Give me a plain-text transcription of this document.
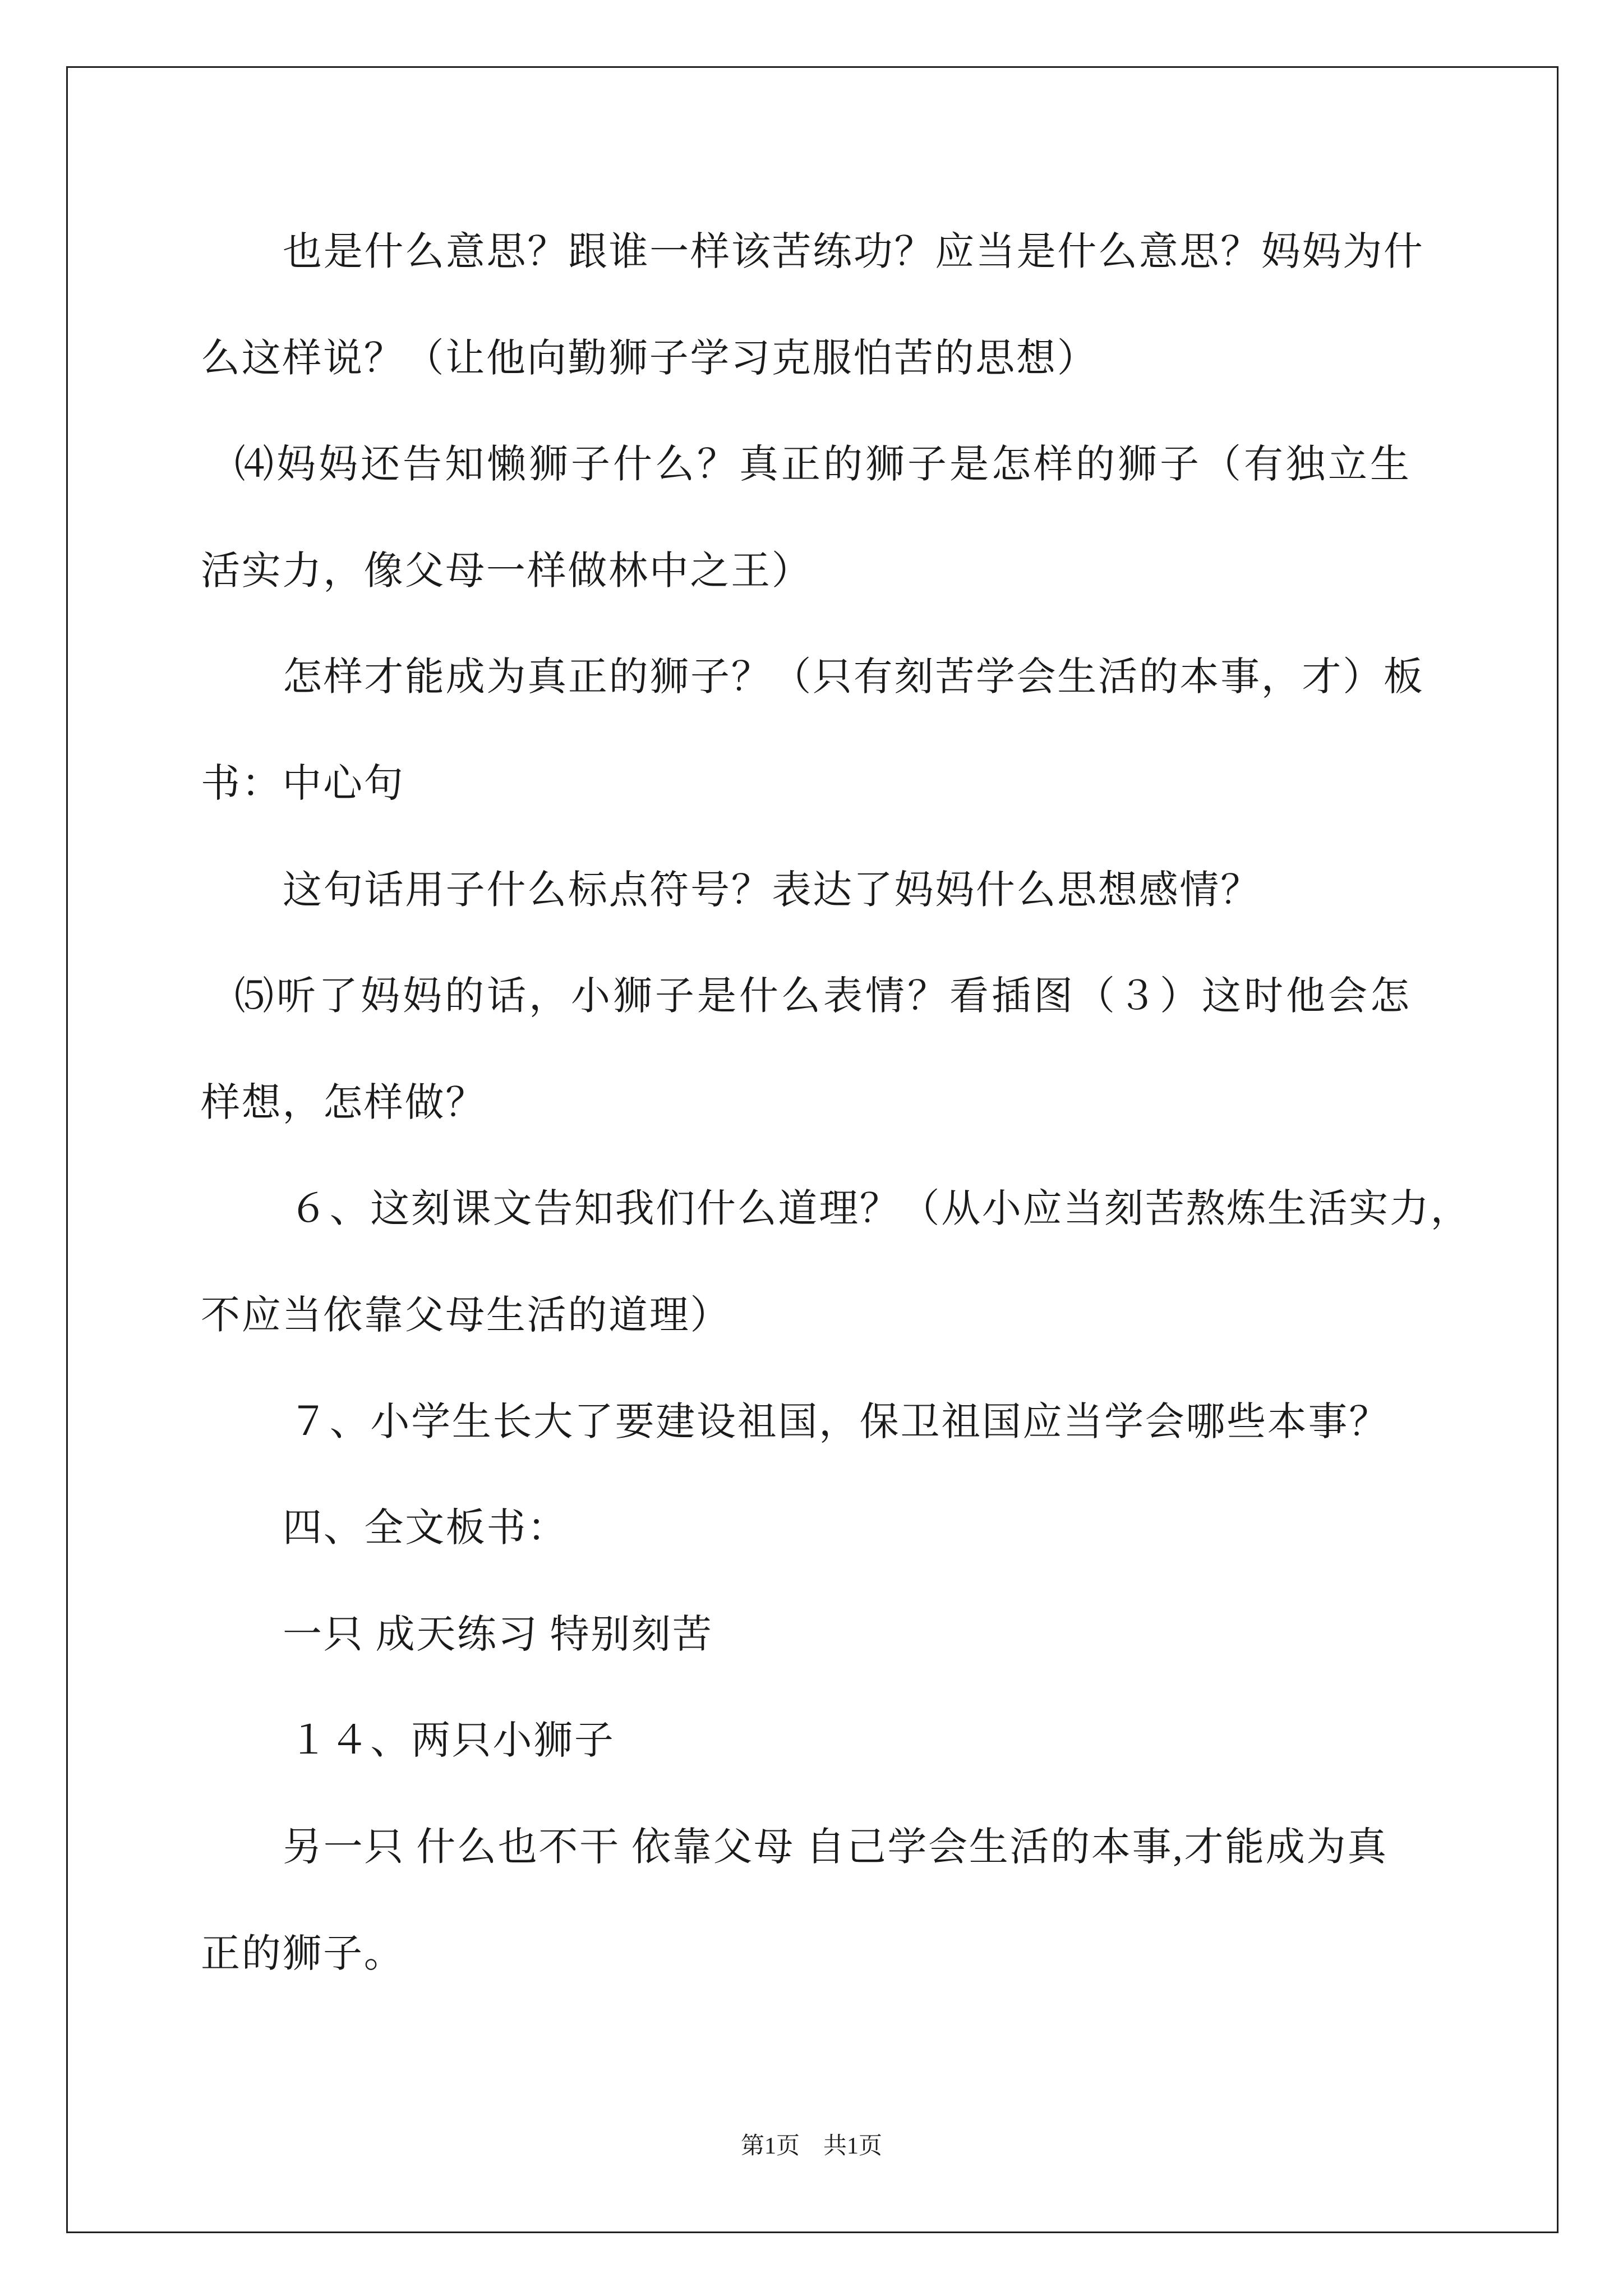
也是什么意思？跟谁一样该苦练功？应当是什么意思？妈妈为什
么这样说？（让他向勤狮子学习克服怕苦的思想）
⑷妈妈还告知懒狮子什么？真正的狮子是怎样的狮子（有独立生
活实力，像父母一样做林中之王）
怎样才能成为真正的狮子？（只有刻苦学会生活的本事，才）板
书：中心句
这句话用子什么标点符号？表达了妈妈什么思想感情？
⑸听了妈妈的话，小狮子是什么表情？看插图（３）这时他会怎
样想，怎样做？
６、这刻课文告知我们什么道理？（从小应当刻苦熬炼生活实力，
不应当依靠父母生活的道理）
７、小学生长大了要建设祖国，保卫祖国应当学会哪些本事？
四、全文板书：
一只 成天练习 特别刻苦
１４、两只小狮子
另一只 什么也不干 依靠父母 自己学会生活的本事,才能成为真
正的狮子。
第1页　共1页
